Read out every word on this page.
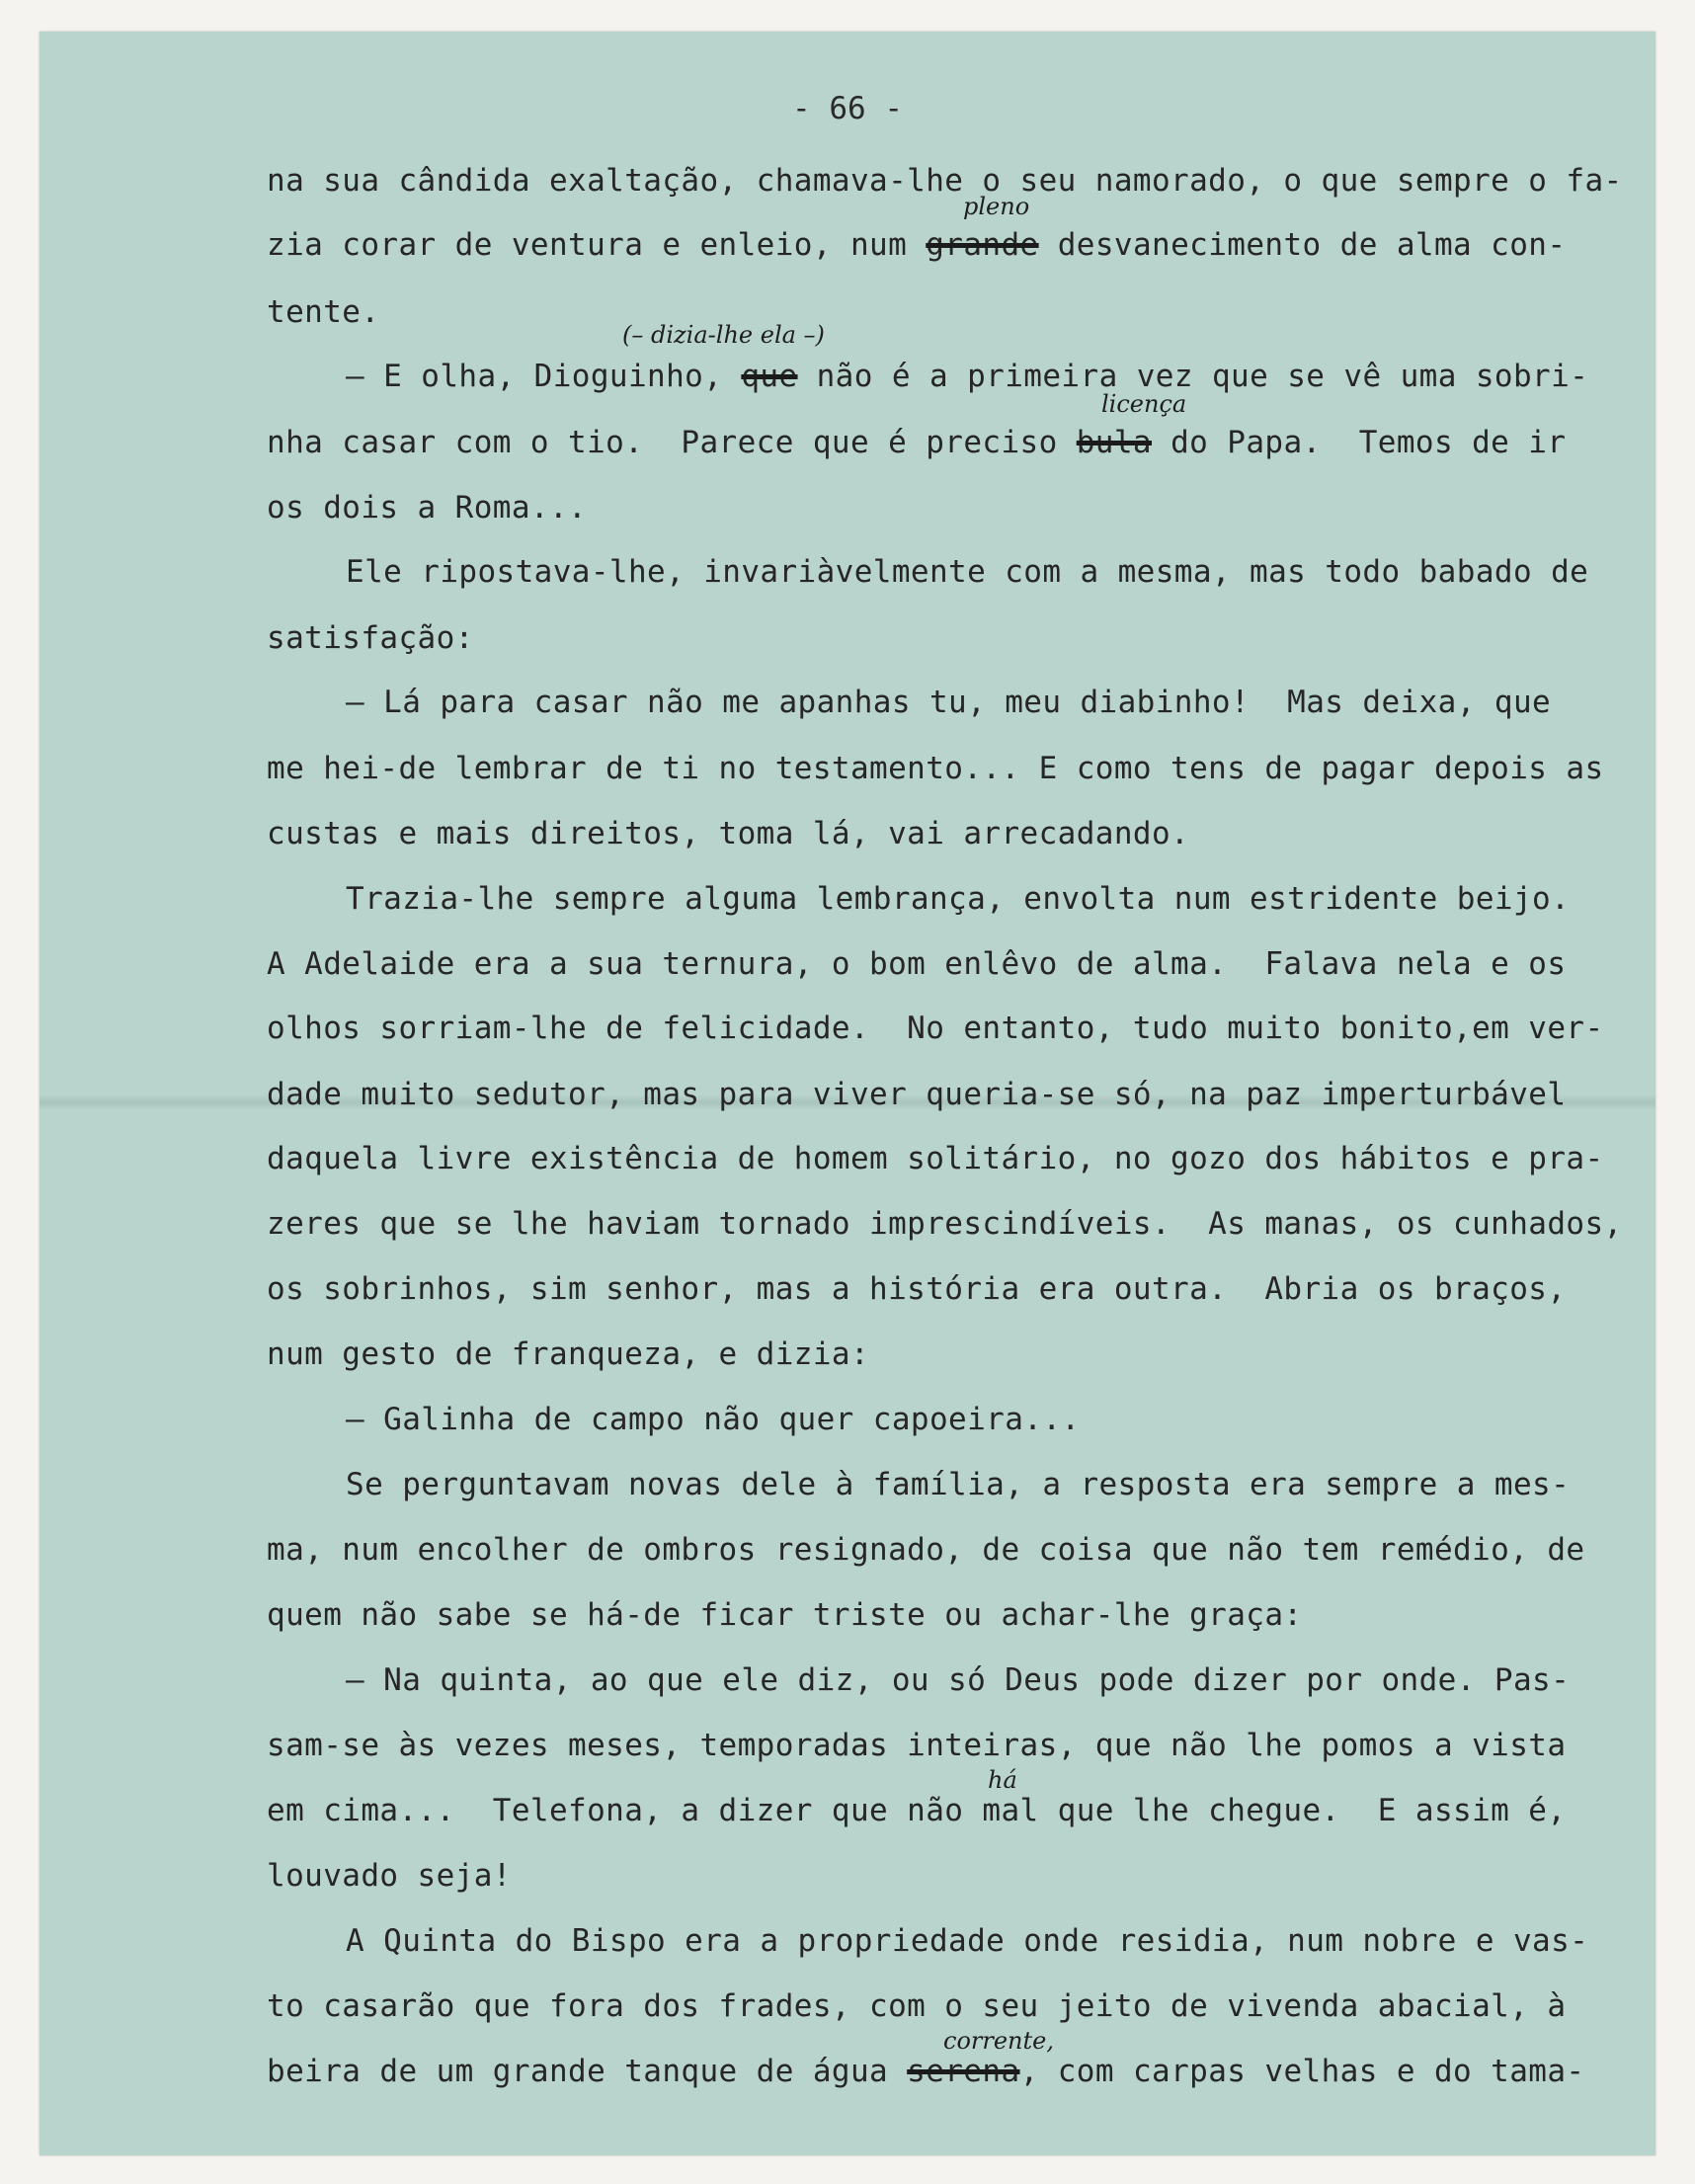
- 66 -
na sua cândida exaltação, chamava-lhe o seu namorado, o que sempre o fa-
zia corar de ventura e enleio, num grande desvanecimento de alma con-
tente.
— E olha, Dioguinho, que não é a primeira vez que se vê uma sobri-
nha casar com o tio.  Parece que é preciso bula do Papa.  Temos de ir
os dois a Roma...
Ele ripostava-lhe, invariàvelmente com a mesma, mas todo babado de
satisfação:
— Lá para casar não me apanhas tu, meu diabinho!  Mas deixa, que
me hei-de lembrar de ti no testamento... E como tens de pagar depois as
custas e mais direitos, toma lá, vai arrecadando.
Trazia-lhe sempre alguma lembrança, envolta num estridente beijo.
A Adelaide era a sua ternura, o bom enlêvo de alma.  Falava nela e os
olhos sorriam-lhe de felicidade.  No entanto, tudo muito bonito,em ver-
dade muito sedutor, mas para viver queria-se só, na paz imperturbável
daquela livre existência de homem solitário, no gozo dos hábitos e pra-
zeres que se lhe haviam tornado imprescindíveis.  As manas, os cunhados,
os sobrinhos, sim senhor, mas a história era outra.  Abria os braços,
num gesto de franqueza, e dizia:
— Galinha de campo não quer capoeira...
Se perguntavam novas dele à família, a resposta era sempre a mes-
ma, num encolher de ombros resignado, de coisa que não tem remédio, de
quem não sabe se há-de ficar triste ou achar-lhe graça:
— Na quinta, ao que ele diz, ou só Deus pode dizer por onde. Pas-
sam-se às vezes meses, temporadas inteiras, que não lhe pomos a vista
em cima...  Telefona, a dizer que não mal que lhe chegue.  E assim é,
louvado seja!
A Quinta do Bispo era a propriedade onde residia, num nobre e vas-
to casarão que fora dos frades, com o seu jeito de vivenda abacial, à
beira de um grande tanque de água serena, com carpas velhas e do tama-
pleno
(– dizia-lhe ela –)
licença
há
corrente,
